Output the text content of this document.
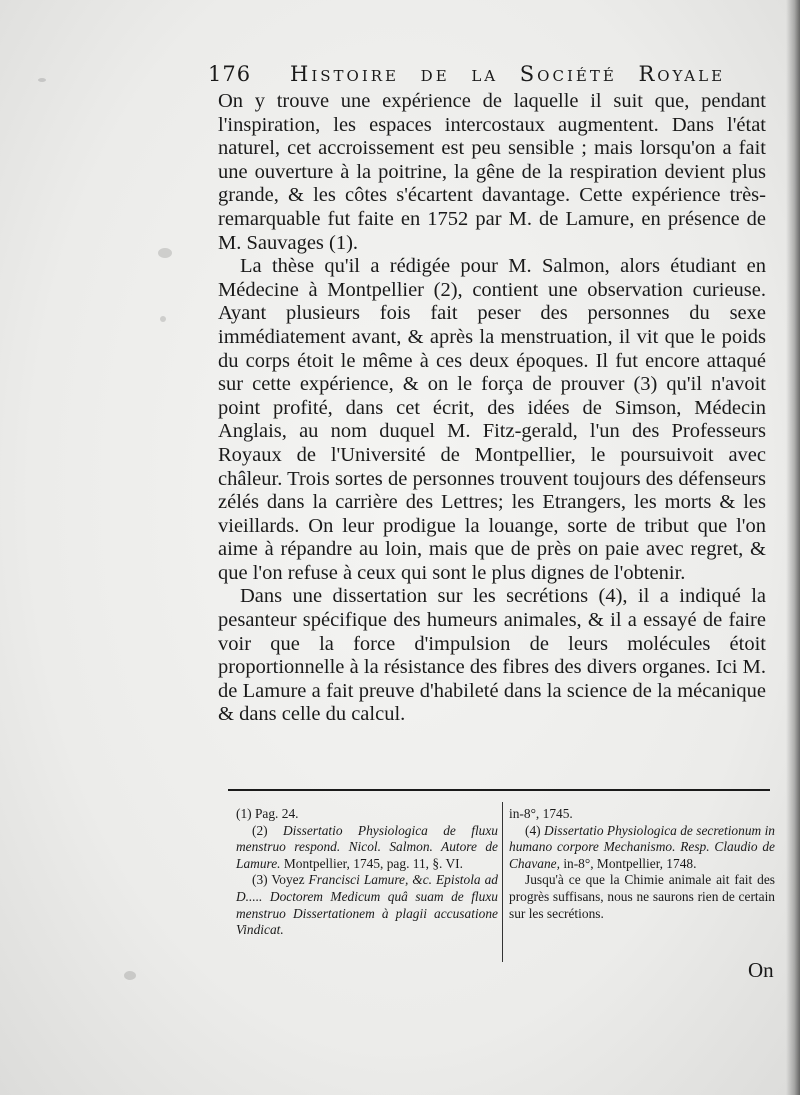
176 Histoire de la Société Royale

On y trouve une expérience de laquelle il suit que, pendant l'inspiration, les espaces intercostaux augmentent. Dans l'état naturel, cet accroissement est peu sensible ; mais lorsqu'on a fait une ouverture à la poitrine, la gêne de la respiration devient plus grande, & les côtes s'écartent davantage. Cette expérience très-remarquable fut faite en 1752 par M. de Lamure, en présence de M. Sauvages (1).

La thèse qu'il a rédigée pour M. Salmon, alors étudiant en Médecine à Montpellier (2), contient une observation curieuse. Ayant plusieurs fois fait peser des personnes du sexe immédiatement avant, & après la menstruation, il vit que le poids du corps étoit le même à ces deux époques. Il fut encore attaqué sur cette expérience, & on le força de prouver (3) qu'il n'avoit point profité, dans cet écrit, des idées de Simson, Médecin Anglais, au nom duquel M. Fitz-gerald, l'un des Professeurs Royaux de l'Université de Montpellier, le poursuivoit avec châleur. Trois sortes de personnes trouvent toujours des défenseurs zélés dans la carrière des Lettres; les Etrangers, les morts & les vieillards. On leur prodigue la louange, sorte de tribut que l'on aime à répandre au loin, mais que de près on paie avec regret, & que l'on refuse à ceux qui sont le plus dignes de l'obtenir.

Dans une dissertation sur les secrétions (4), il a indiqué la pesanteur spécifique des humeurs animales, & il a essayé de faire voir que la force d'impulsion de leurs molécules étoit proportionnelle à la résistance des fibres des divers organes. Ici M. de Lamure a fait preuve d'habileté dans la science de la mécanique & dans celle du calcul.

(1) Pag. 24.

(2) Dissertatio Physiologica de fluxu menstruo respond. Nicol. Salmon. Autore de Lamure. Montpellier, 1745, pag. 11, §. VI.

(3) Voyez Francisci Lamure, &c. Epistola ad D..... Doctorem Medicum quâ suam de fluxu menstruo Dissertationem à plagii accusatione Vindicat.

in-8°, 1745.

(4) Dissertatio Physiologica de secretionum in humano corpore Mechanismo. Resp. Claudio de Chavane, in-8°, Montpellier, 1748.

Jusqu'à ce que la Chimie animale ait fait des progrès suffisans, nous ne saurons rien de certain sur les secrétions.

On
